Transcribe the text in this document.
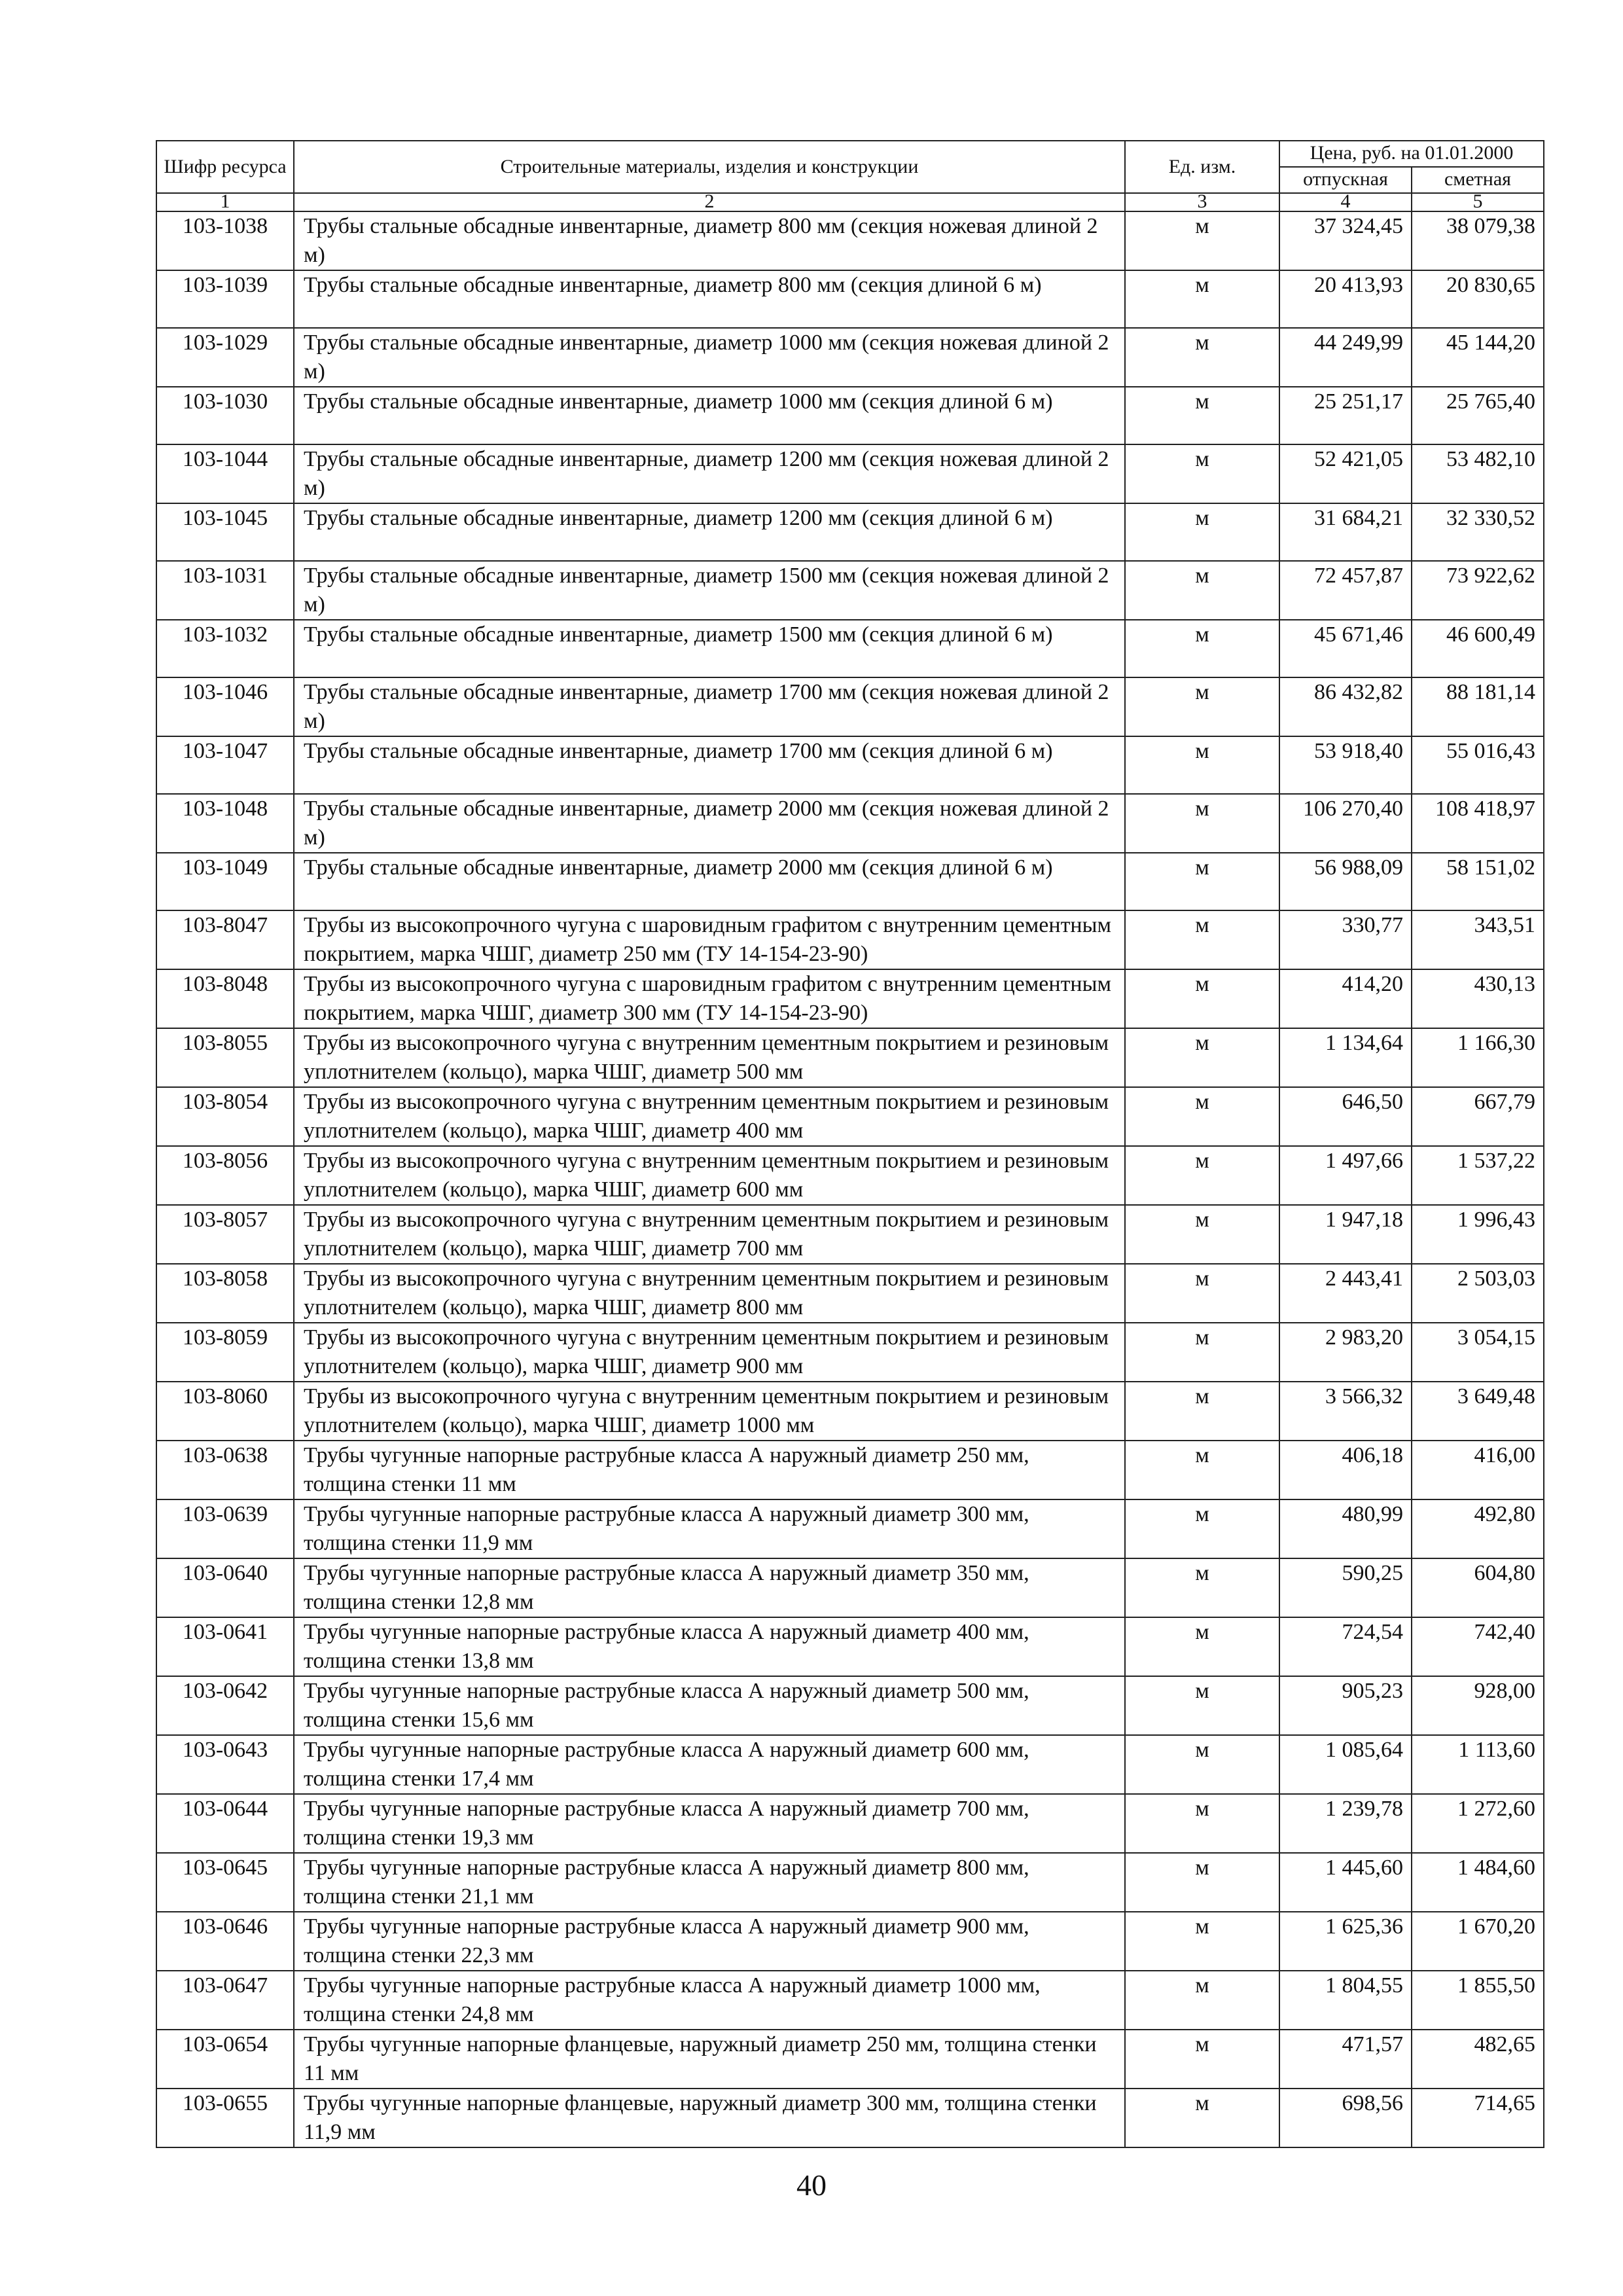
Шифр ресурса	Строительные материалы, изделия и конструкции	Ед. изм.	Цена, руб. на 01.01.2000	
			отпускная	сметная
1	2	3	4	5
103-1038	Трубы стальные обсадные инвентарные, диаметр 800 мм (секция ножевая длиной 2 м)	м	37 324,45	38 079,38
103-1039	Трубы стальные обсадные инвентарные, диаметр 800 мм (секция длиной 6 м)	м	20 413,93	20 830,65
103-1029	Трубы стальные обсадные инвентарные, диаметр 1000 мм (секция ножевая длиной 2 м)	м	44 249,99	45 144,20
103-1030	Трубы стальные обсадные инвентарные, диаметр 1000 мм (секция длиной 6 м)	м	25 251,17	25 765,40
103-1044	Трубы стальные обсадные инвентарные, диаметр 1200 мм (секция ножевая длиной 2 м)	м	52 421,05	53 482,10
103-1045	Трубы стальные обсадные инвентарные, диаметр 1200 мм (секция длиной 6 м)	м	31 684,21	32 330,52
103-1031	Трубы стальные обсадные инвентарные, диаметр 1500 мм (секция ножевая длиной 2 м)	м	72 457,87	73 922,62
103-1032	Трубы стальные обсадные инвентарные, диаметр 1500 мм (секция длиной 6 м)	м	45 671,46	46 600,49
103-1046	Трубы стальные обсадные инвентарные, диаметр 1700 мм (секция ножевая длиной 2 м)	м	86 432,82	88 181,14
103-1047	Трубы стальные обсадные инвентарные, диаметр 1700 мм (секция длиной 6 м)	м	53 918,40	55 016,43
103-1048	Трубы стальные обсадные инвентарные, диаметр 2000 мм (секция ножевая длиной 2 м)	м	106 270,40	108 418,97
103-1049	Трубы стальные обсадные инвентарные, диаметр 2000 мм (секция длиной 6 м)	м	56 988,09	58 151,02
103-8047	Трубы из высокопрочного чугуна с шаровидным графитом с внутренним цементным покрытием, марка ЧШГ, диаметр 250 мм (ТУ 14-154-23-90)	м	330,77	343,51
103-8048	Трубы из высокопрочного чугуна с шаровидным графитом с внутренним цементным покрытием, марка ЧШГ, диаметр 300 мм (ТУ 14-154-23-90)	м	414,20	430,13
103-8055	Трубы из высокопрочного чугуна с внутренним цементным покрытием и резиновым уплотнителем (кольцо), марка ЧШГ, диаметр 500 мм	м	1 134,64	1 166,30
103-8054	Трубы из высокопрочного чугуна с внутренним цементным покрытием и резиновым уплотнителем (кольцо), марка ЧШГ, диаметр 400 мм	м	646,50	667,79
103-8056	Трубы из высокопрочного чугуна с внутренним цементным покрытием и резиновым уплотнителем (кольцо), марка ЧШГ, диаметр 600 мм	м	1 497,66	1 537,22
103-8057	Трубы из высокопрочного чугуна с внутренним цементным покрытием и резиновым уплотнителем (кольцо), марка ЧШГ, диаметр 700 мм	м	1 947,18	1 996,43
103-8058	Трубы из высокопрочного чугуна с внутренним цементным покрытием и резиновым уплотнителем (кольцо), марка ЧШГ, диаметр 800 мм	м	2 443,41	2 503,03
103-8059	Трубы из высокопрочного чугуна с внутренним цементным покрытием и резиновым уплотнителем (кольцо), марка ЧШГ, диаметр 900 мм	м	2 983,20	3 054,15
103-8060	Трубы из высокопрочного чугуна с внутренним цементным покрытием и резиновым уплотнителем (кольцо), марка ЧШГ, диаметр 1000 мм	м	3 566,32	3 649,48
103-0638	Трубы чугунные напорные раструбные класса А наружный диаметр 250 мм, толщина стенки 11 мм	м	406,18	416,00
103-0639	Трубы чугунные напорные раструбные класса А наружный диаметр 300 мм, толщина стенки 11,9 мм	м	480,99	492,80
103-0640	Трубы чугунные напорные раструбные класса А наружный диаметр 350 мм, толщина стенки 12,8 мм	м	590,25	604,80
103-0641	Трубы чугунные напорные раструбные класса А наружный диаметр 400 мм, толщина стенки 13,8 мм	м	724,54	742,40
103-0642	Трубы чугунные напорные раструбные класса А наружный диаметр 500 мм, толщина стенки 15,6 мм	м	905,23	928,00
103-0643	Трубы чугунные напорные раструбные класса А наружный диаметр 600 мм, толщина стенки 17,4 мм	м	1 085,64	1 113,60
103-0644	Трубы чугунные напорные раструбные класса А наружный диаметр 700 мм, толщина стенки 19,3 мм	м	1 239,78	1 272,60
103-0645	Трубы чугунные напорные раструбные класса А наружный диаметр 800 мм, толщина стенки 21,1 мм	м	1 445,60	1 484,60
103-0646	Трубы чугунные напорные раструбные класса А наружный диаметр 900 мм, толщина стенки 22,3 мм	м	1 625,36	1 670,20
103-0647	Трубы чугунные напорные раструбные класса А наружный диаметр 1000 мм, толщина стенки 24,8 мм	м	1 804,55	1 855,50
103-0654	Трубы чугунные напорные фланцевые, наружный диаметр 250 мм, толщина стенки 11 мм	м	471,57	482,65
103-0655	Трубы чугунные напорные фланцевые, наружный диаметр 300 мм, толщина стенки 11,9 мм	м	698,56	714,65
40
